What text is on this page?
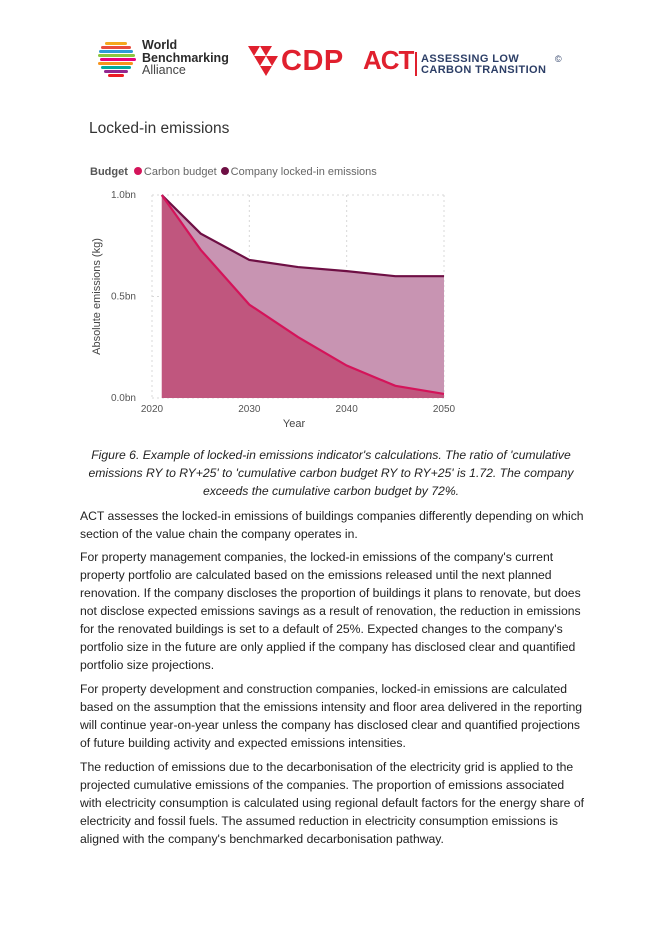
World
Benchmarking
Alliance	CDP ACT ASSESSING LOW
CARBON TRANSITION
©
Locked-in emissions
Budget Carbon budget Company locked-in emissions
2020	2030	2040	2050
0.0bn
0.5bn
1.0bn
Year
Absolute emissions (kg)
Figure 6. Example of locked-in emissions indicator's calculations. The ratio of 'cumulative emissions RY to RY+25' to 'cumulative carbon budget RY to RY+25' is 1.72. The company exceeds the cumulative carbon budget by 72%.
ACT assesses the locked-in emissions of buildings companies differently depending on which section of the value chain the company operates in.
For property management companies, the locked-in emissions of the company's current property portfolio are calculated based on the emissions released until the next planned renovation. If the company discloses the proportion of buildings it plans to renovate, but does not disclose expected emissions savings as a result of renovation, the reduction in emissions for the renovated buildings is set to a default of 25%. Expected changes to the company's portfolio size in the future are only applied if the company has disclosed clear and quantified portfolio size projections.
For property development and construction companies, locked-in emissions are calculated based on the assumption that the emissions intensity and floor area delivered in the reporting will continue year-on-year unless the company has disclosed clear and quantified projections of future building activity and expected emissions intensities.
The reduction of emissions due to the decarbonisation of the electricity grid is applied to the projected cumulative emissions of the companies. The proportion of emissions associated with electricity consumption is calculated using regional default factors for the energy share of electricity and fossil fuels. The assumed reduction in electricity consumption emissions is aligned with the company's benchmarked decarbonisation pathway.
